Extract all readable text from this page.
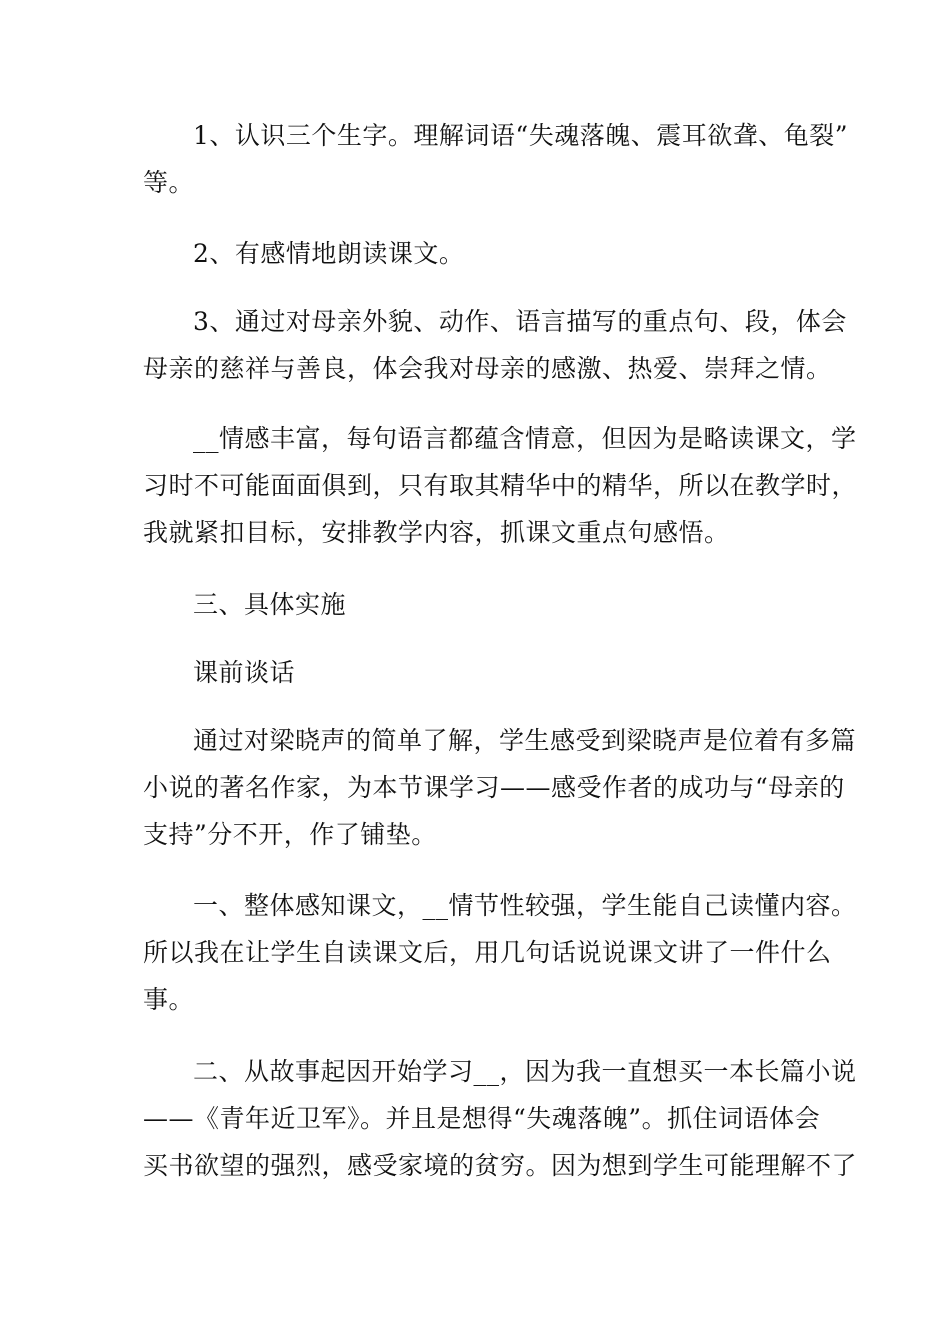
1、认识三个生字。理解词语“失魂落魄、震耳欲聋、龟裂”
等。
2、有感情地朗读课文。
3、通过对母亲外貌、动作、语言描写的重点句、段，体会
母亲的慈祥与善良，体会我对母亲的感激、热爱、崇拜之情。
__情感丰富，每句语言都蕴含情意，但因为是略读课文，学
习时不可能面面俱到，只有取其精华中的精华，所以在教学时，
我就紧扣目标，安排教学内容，抓课文重点句感悟。
三、具体实施
课前谈话
通过对梁晓声的简单了解，学生感受到梁晓声是位着有多篇
小说的著名作家，为本节课学习——感受作者的成功与“母亲的
支持”分不开，作了铺垫。
一、整体感知课文，__情节性较强，学生能自己读懂内容。
所以我在让学生自读课文后，用几句话说说课文讲了一件什么
事。
二、从故事起因开始学习__，因为我一直想买一本长篇小说
——《青年近卫军》。并且是想得“失魂落魄”。抓住词语体会
买书欲望的强烈，感受家境的贫穷。因为想到学生可能理解不了
